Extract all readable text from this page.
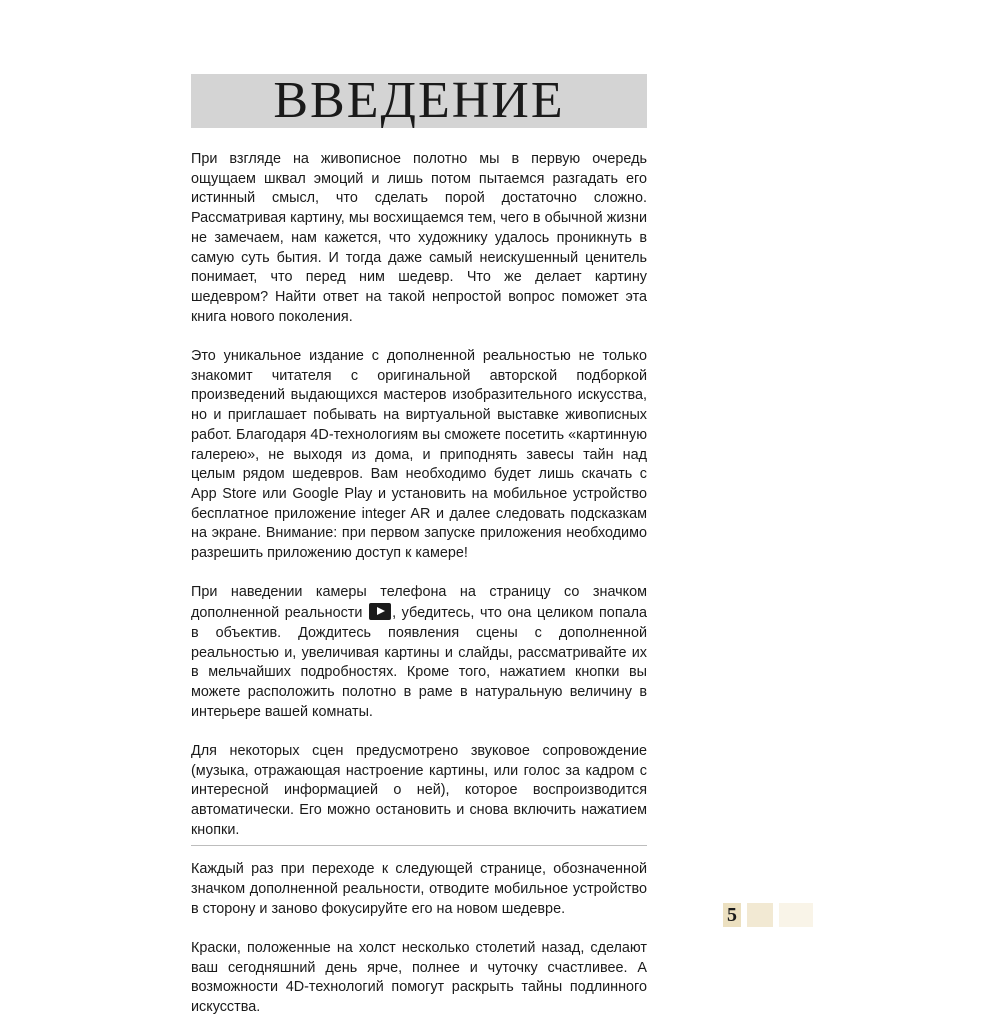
ВВЕДЕНИЕ

При взгляде на живописное полотно мы в первую очередь ощущаем шквал эмоций и лишь потом пытаемся разгадать его истинный смысл, что сделать порой достаточно сложно. Рассматривая картину, мы восхищаемся тем, чего в обычной жизни не замечаем, нам кажется, что художнику удалось проникнуть в самую суть бытия. И тогда даже самый неискушенный ценитель понимает, что перед ним шедевр. Что же делает картину шедевром? Найти ответ на такой непростой вопрос поможет эта книга нового поколения.

Это уникальное издание с дополненной реальностью не только знакомит читателя с оригинальной авторской подборкой произведений выдающихся мастеров изобразительного искусства, но и приглашает побывать на виртуальной выставке живописных работ. Благодаря 4D-технологиям вы сможете посетить «картинную галерею», не выходя из дома, и приподнять завесы тайн над целым рядом шедевров. Вам необходимо будет лишь скачать с App Store или Google Play и установить на мобильное устройство бесплатное приложение integer AR и далее следовать подсказкам на экране. Внимание: при первом запуске приложения необходимо разрешить приложению доступ к камере!

При наведении камеры телефона на страницу со значком дополненной реальности , убедитесь, что она целиком попала в объектив. Дождитесь появления сцены с дополненной реальностью и, увеличивая картины и слайды, рассматривайте их в мельчайших подробностях. Кроме того, нажатием кнопки вы можете расположить полотно в раме в натуральную величину в интерьере вашей комнаты.

Для некоторых сцен предусмотрено звуковое сопровождение (музыка, отражающая настроение картины, или голос за кадром с интересной информацией о ней), которое воспроизводится автоматически. Его можно остановить и снова включить нажатием кнопки.

Каждый раз при переходе к следующей странице, обозначенной значком дополненной реальности, отводите мобильное устройство в сторону и заново фокусируйте его на новом шедевре.

Краски, положенные на холст несколько столетий назад, сделают ваш сегодняшний день ярче, полнее и чуточку счастливее. А возможности 4D-технологий помогут раскрыть тайны подлинного искусства.

5
